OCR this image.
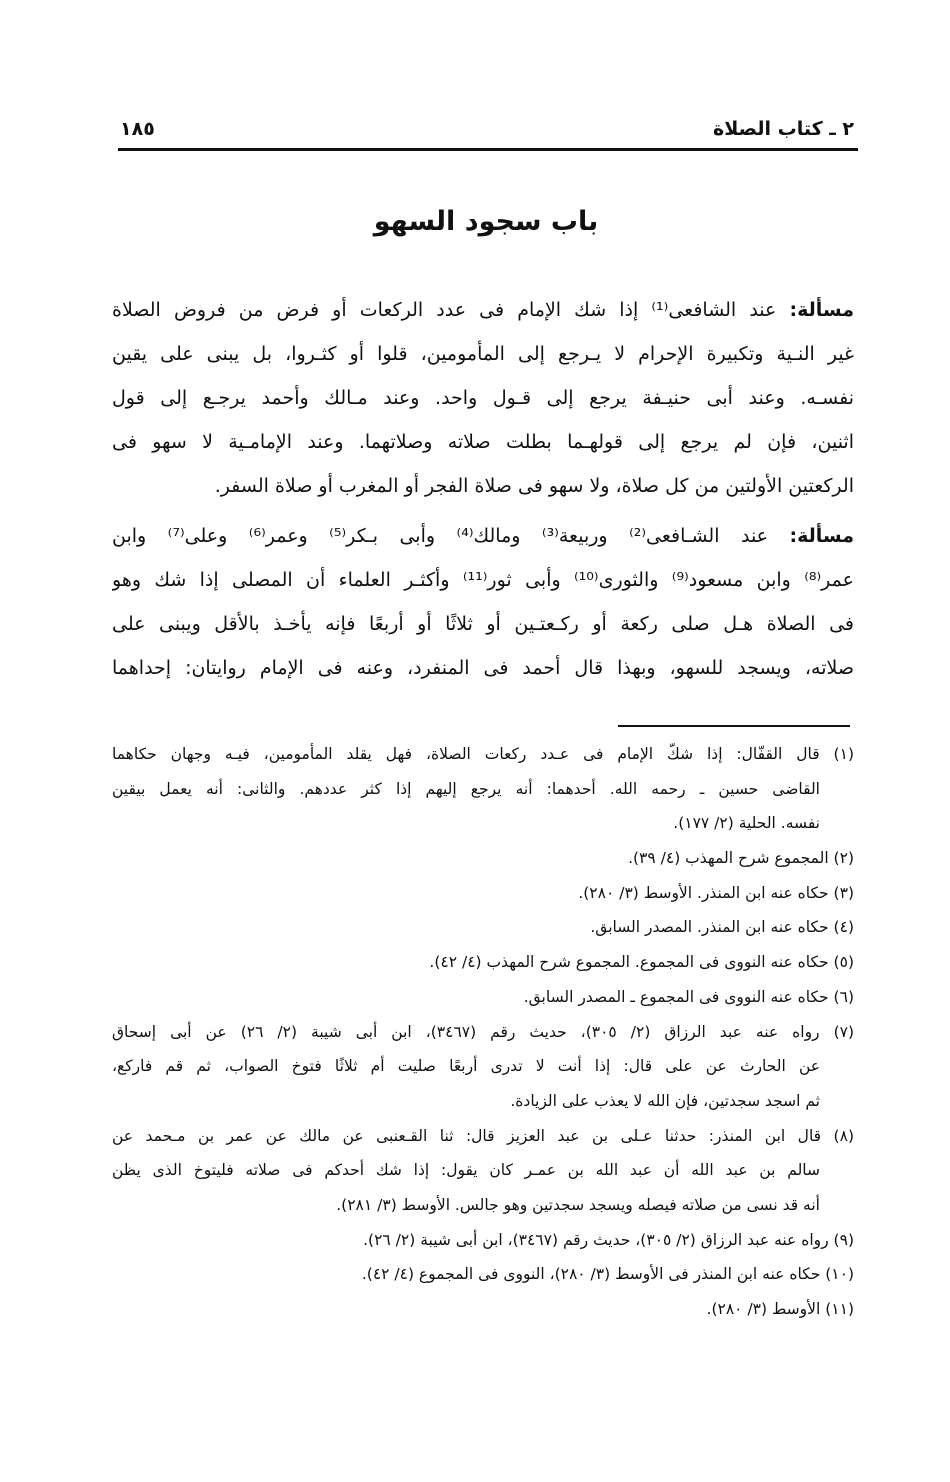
٢ ـ كتاب الصلاة
١٨٥
باب سجود السهو
مسألة: عند الشافعى⁽¹⁾ إذا شك الإمام فى عدد الركعات أو فرض من فروض الصلاة
غير النـية وتكبيرة الإحرام لا يـرجع إلى المأمومين، قلوا أو كثـروا، بل يبنى على يقين
نفسـه. وعند أبى حنيـفة يرجع إلى قـول واحد. وعند مـالك وأحمد يرجـع إلى قول
اثنين، فإن لم يرجع إلى قولهـما بطلت صلاته وصلاتهما. وعند الإمامـية لا سهو فى
الركعتين الأولتين من كل صلاة، ولا سهو فى صلاة الفجر أو المغرب أو صلاة السفر.
مسألة: عند الشـافعى⁽²⁾ وربيعة⁽³⁾ ومالك⁽⁴⁾ وأبى بـكر⁽⁵⁾ وعمر⁽⁶⁾ وعلى⁽⁷⁾ وابن
عمر⁽⁸⁾ وابن مسعود⁽⁹⁾ والثورى⁽¹⁰⁾ وأبى ثور⁽¹¹⁾ وأكثـر العلماء أن المصلى إذا شك وهو
فى الصلاة هـل صلى ركعة أو ركـعتـين أو ثلاثًا أو أربعًا فإنه يأخـذ بالأقل ويبنى على
صلاته، ويسجد للسهو، وبهذا قال أحمد فى المنفرد، وعنه فى الإمام روايتان: إحداهما
(١) قال القفّال: إذا شكّ الإمام فى عـدد ركعات الصلاة، فهل يقلد المأمومين، فيـه وجهان حكاهما
القاضى حسين ـ رحمه الله. أحدهما: أنه يرجع إليهم إذا كثر عددهم. والثانى: أنه يعمل بيقين
نفسه. الحلية (٢/ ١٧٧).
(٢) المجموع شرح المهذب (٤/ ٣٩).
(٣) حكاه عنه ابن المنذر. الأوسط (٣/ ٢٨٠).
(٤) حكاه عنه ابن المنذر. المصدر السابق.
(٥) حكاه عنه النووى فى المجموع. المجموع شرح المهذب (٤/ ٤٢).
(٦) حكاه عنه النووى فى المجموع ـ المصدر السابق.
(٧) رواه عنه عبد الرزاق (٢/ ٣٠٥)، حديث رقم (٣٤٦٧)، ابن أبى شيبة (٢/ ٢٦) عن أبى إسحاق
عن الحارث عن على قال: إذا أنت لا تدرى أربعًا صليت أم ثلاثًا فتوخ الصواب، ثم قم فاركع،
ثم اسجد سجدتين، فإن الله لا يعذب على الزيادة.
(٨) قال ابن المنذر: حدثنا عـلى بن عبد العزيز قال: ثنا القـعنبى عن مالك عن عمر بن مـحمد عن
سالم بن عبد الله أن عبد الله بن عمـر كان يقول: إذا شك أحدكم فى صلاته فليتوخ الذى يظن
أنه قد نسى من صلاته فيصله ويسجد سجدتين وهو جالس. الأوسط (٣/ ٢٨١).
(٩) رواه عنه عبد الرزاق (٢/ ٣٠٥)، حديث رقم (٣٤٦٧)، ابن أبى شيبة (٢/ ٢٦).
(١٠) حكاه عنه ابن المنذر فى الأوسط (٣/ ٢٨٠)، النووى فى المجموع (٤/ ٤٢).
(١١) الأوسط (٣/ ٢٨٠).
